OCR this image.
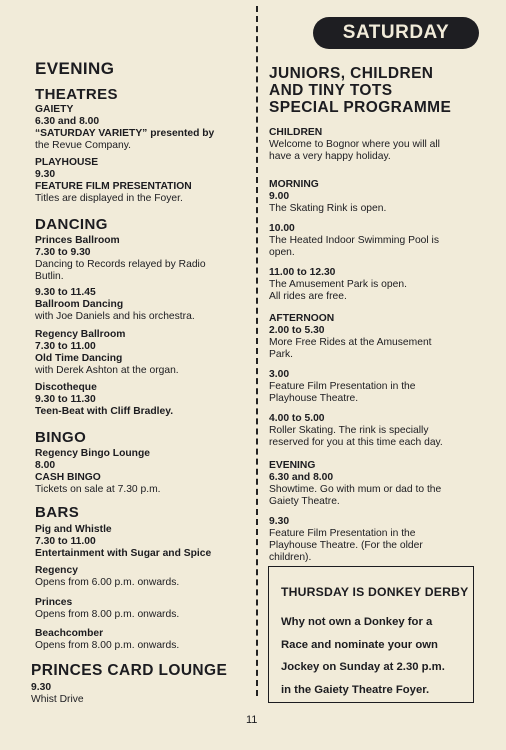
SATURDAY
EVENING
THEATRES
GAIETY
6.30 and 8.00
“SATURDAY VARIETY” presented by
the Revue Company.
PLAYHOUSE
9.30
FEATURE FILM PRESENTATION
Titles are displayed in the Foyer.
DANCING
Princes Ballroom
7.30 to 9.30
Dancing to Records relayed by Radio
Butlin.
9.30 to 11.45
Ballroom Dancing
with Joe Daniels and his orchestra.
Regency Ballroom
7.30 to 11.00
Old Time Dancing
with Derek Ashton at the organ.
Discotheque
9.30 to 11.30
Teen-Beat with Cliff Bradley.
BINGO
Regency Bingo Lounge
8.00
CASH BINGO
Tickets on sale at 7.30 p.m.
BARS
Pig and Whistle
7.30 to 11.00
Entertainment with Sugar and Spice
Regency
Opens from 6.00 p.m. onwards.
Princes
Opens from 8.00 p.m. onwards.
Beachcomber
Opens from 8.00 p.m. onwards.
PRINCES CARD LOUNGE
9.30
Whist Drive
JUNIORS, CHILDREN
AND TINY TOTS
SPECIAL PROGRAMME
CHILDREN
Welcome to Bognor where you will all
have a very happy holiday.
MORNING
9.00
The Skating Rink is open.
10.00
The Heated Indoor Swimming Pool is
open.
11.00 to 12.30
The Amusement Park is open.
All rides are free.
AFTERNOON
2.00 to 5.30
More Free Rides at the Amusement
Park.
3.00
Feature Film Presentation in the
Playhouse Theatre.
4.00 to 5.00
Roller Skating. The rink is specially
reserved for you at this time each day.
EVENING
6.30 and 8.00
Showtime. Go with mum or dad to the
Gaiety Theatre.
9.30
Feature Film Presentation in the
Playhouse Theatre. (For the older
children).
THURSDAY IS DONKEY DERBY
Why not own a Donkey for a
Race and nominate your own
Jockey on Sunday at 2.30 p.m.
in the Gaiety Theatre Foyer.
11
